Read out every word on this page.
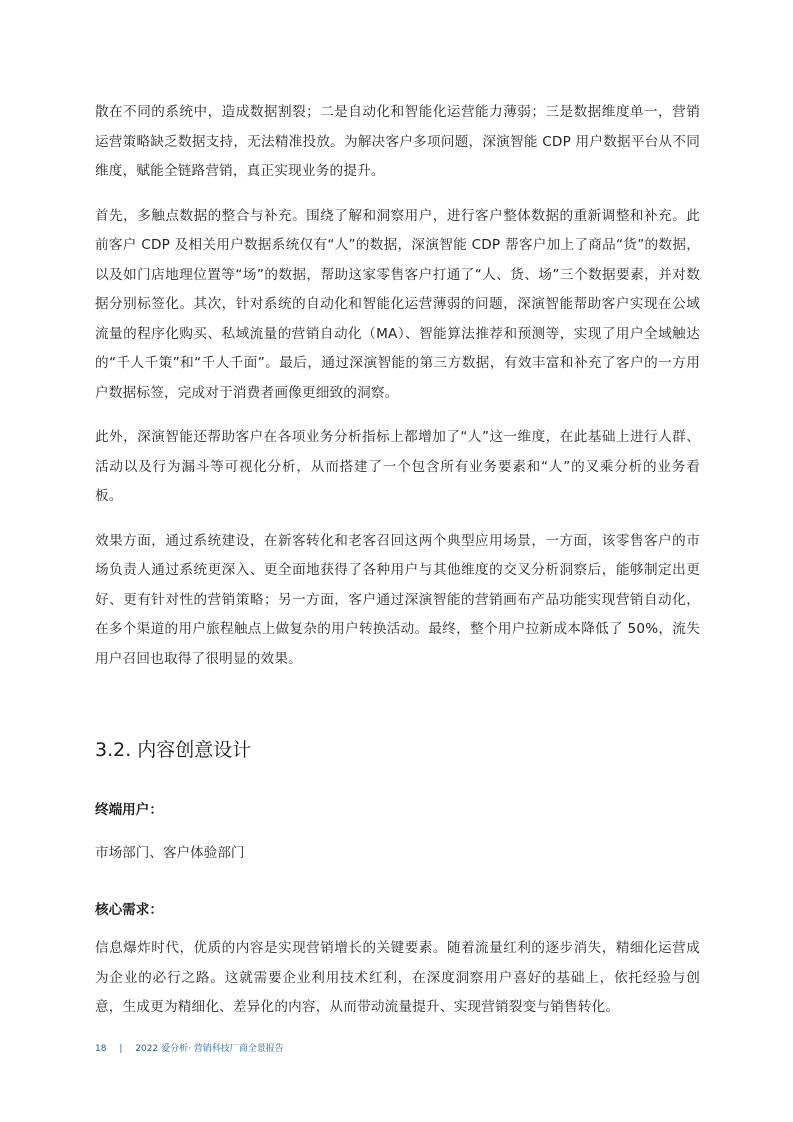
散在不同的系统中，造成数据割裂；二是自动化和智能化运营能力薄弱；三是数据维度单一，营销运营策略缺乏数据支持，无法精准投放。为解决客户多项问题，深演智能 CDP 用户数据平台从不同维度，赋能全链路营销，真正实现业务的提升。

首先，多触点数据的整合与补充。围绕了解和洞察用户，进行客户整体数据的重新调整和补充。此前客户 CDP 及相关用户数据系统仅有“人”的数据，深演智能 CDP 帮客户加上了商品“货”的数据，以及如门店地理位置等“场”的数据，帮助这家零售客户打通了“人、货、场”三个数据要素，并对数据分别标签化。其次，针对系统的自动化和智能化运营薄弱的问题，深演智能帮助客户实现在公域流量的程序化购买、私域流量的营销自动化（MA）、智能算法推荐和预测等，实现了用户全域触达的“千人千策”和“千人千面”。最后，通过深演智能的第三方数据，有效丰富和补充了客户的一方用户数据标签，完成对于消费者画像更细致的洞察。

此外，深演智能还帮助客户在各项业务分析指标上都增加了“人”这一维度，在此基础上进行人群、活动以及行为漏斗等可视化分析，从而搭建了一个包含所有业务要素和“人”的叉乘分析的业务看板。

效果方面，通过系统建设，在新客转化和老客召回这两个典型应用场景，一方面，该零售客户的市场负责人通过系统更深入、更全面地获得了各种用户与其他维度的交叉分析洞察后，能够制定出更好、更有针对性的营销策略；另一方面，客户通过深演智能的营销画布产品功能实现营销自动化，在多个渠道的用户旅程触点上做复杂的用户转换活动。最终，整个用户拉新成本降低了 50%，流失用户召回也取得了很明显的效果。

3.2. 内容创意设计
终端用户：
市场部门、客户体验部门
核心需求：

信息爆炸时代，优质的内容是实现营销增长的关键要素。随着流量红利的逐步消失，精细化运营成为企业的必行之路。这就需要企业利用技术红利，在深度洞察用户喜好的基础上，依托经验与创意，生成更为精细化、差异化的内容，从而带动流量提升、实现营销裂变与销售转化。

18 | 2022 爱分析· 营销科技厂商全景报告
